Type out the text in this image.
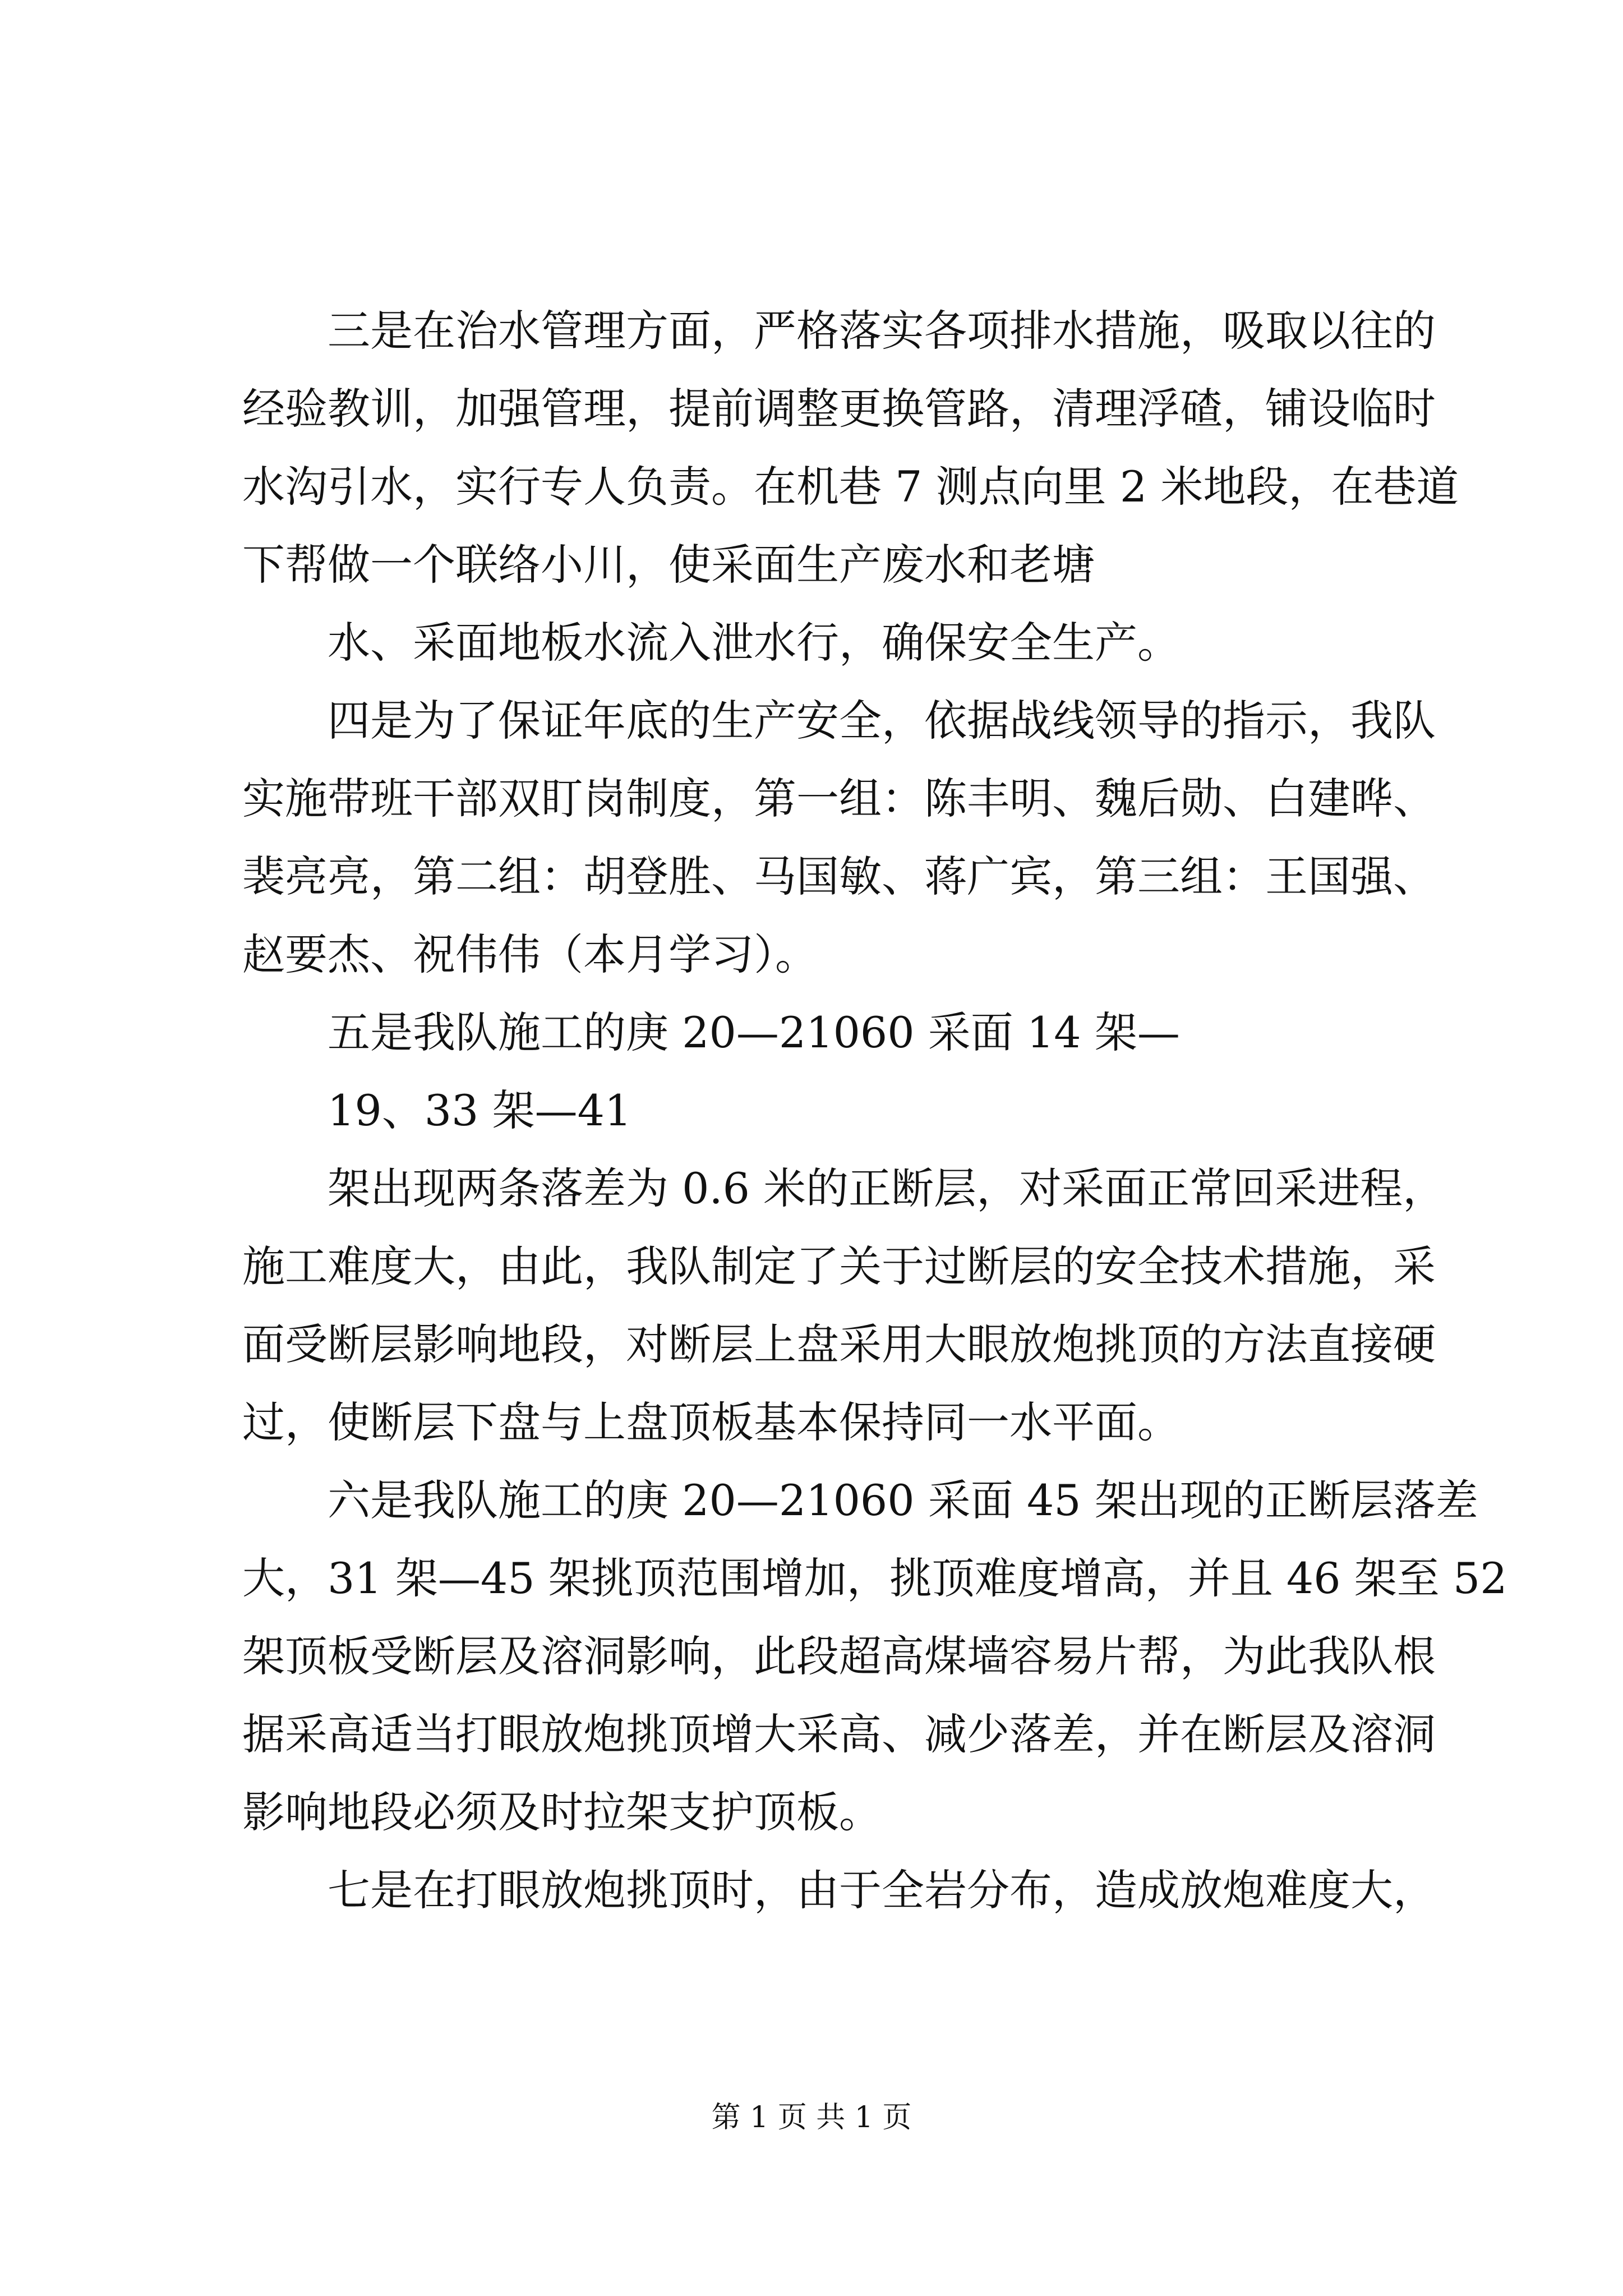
三是在治水管理方面，严格落实各项排水措施，吸取以往的
经验教训，加强管理，提前调整更换管路，清理浮碴，铺设临时
水沟引水，实行专人负责。在机巷 7 测点向里 2 米地段，在巷道
下帮做一个联络小川，使采面生产废水和老塘
水、采面地板水流入泄水行，确保安全生产。
四是为了保证年底的生产安全，依据战线领导的指示，我队
实施带班干部双盯岗制度，第一组：陈丰明、魏后勋、白建晔、
裴亮亮，第二组：胡登胜、马国敏、蒋广宾，第三组：王国强、
赵要杰、祝伟伟（本月学习）。
五是我队施工的庚 20—21060 采面 14 架—
19、33 架—41
架出现两条落差为 0.6 米的正断层，对采面正常回采进程，
施工难度大，由此，我队制定了关于过断层的安全技术措施，采
面受断层影响地段，对断层上盘采用大眼放炮挑顶的方法直接硬
过，使断层下盘与上盘顶板基本保持同一水平面。
六是我队施工的庚 20—21060 采面 45 架出现的正断层落差
大，31 架—45 架挑顶范围增加，挑顶难度增高，并且 46 架至 52
架顶板受断层及溶洞影响，此段超高煤墙容易片帮，为此我队根
据采高适当打眼放炮挑顶增大采高、减少落差，并在断层及溶洞
影响地段必须及时拉架支护顶板。
七是在打眼放炮挑顶时，由于全岩分布，造成放炮难度大，
第 1 页 共 1 页
